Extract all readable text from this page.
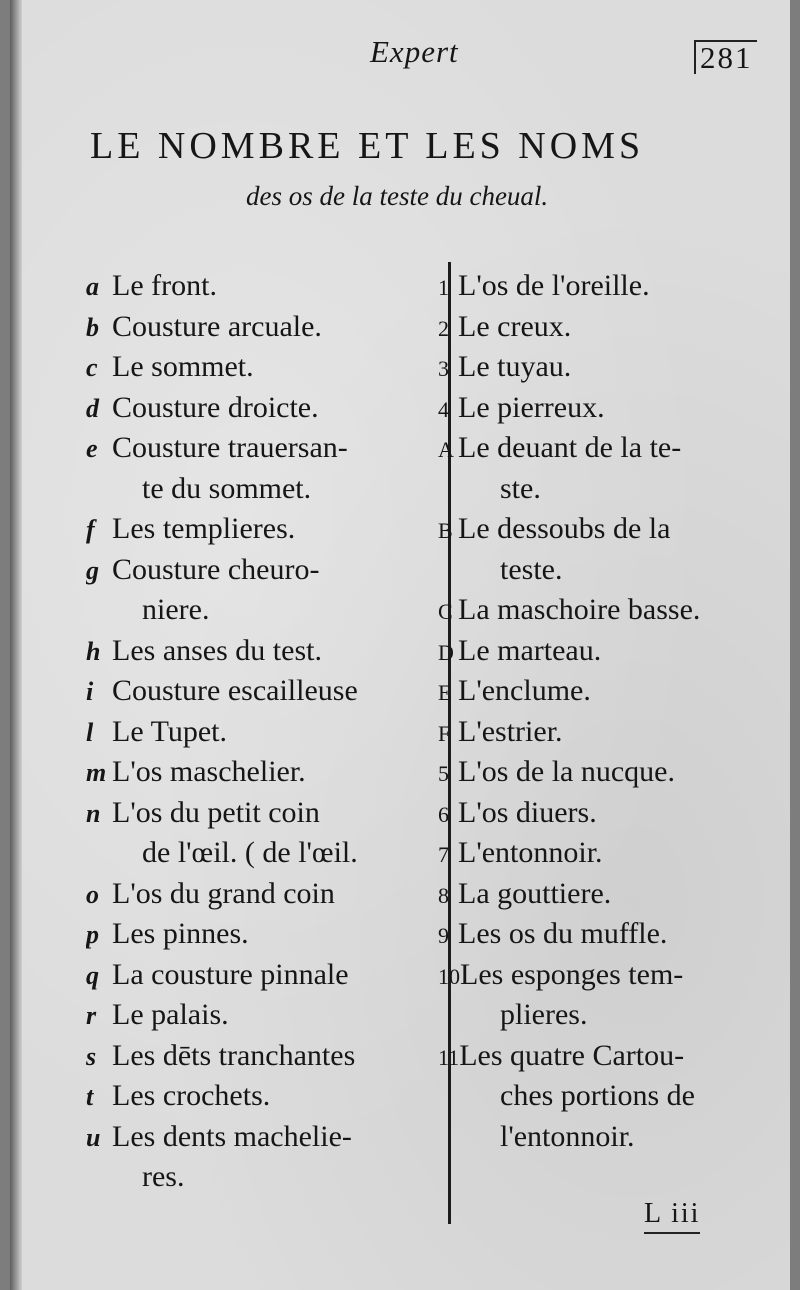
Expert	281
LE NOMBRE ET LES NOMS
des os de la teste du cheual.
a Le front.
b Cousture arcuale.
c Le sommet.
d Cousture droicte.
e Cousture trauersan-
te du sommet.
f Les templieres.
g Cousture cheuro-
niere.
h Les anses du test.
i Cousture escailleuse
l Le Tupet.
m L'os maschelier.
n L'os du petit coin
de l'œil. ( de l'œil.
o L'os du grand coin
p Les pinnes.
q La cousture pinnale
r Le palais.
s Les dēts tranchantes
t Les crochets.
u Les dents machelie-
res.
1 L'os de l'oreille.
2 Le creux.
3 Le tuyau.
4 Le pierreux.
A Le deuant de la te-
ste.
B Le dessoubs de la
teste.
C La maschoire basse.
D Le marteau.
E L'enclume.
F L'estrier.
5 L'os de la nucque.
6 L'os diuers.
7 L'entonnoir.
8 La gouttiere.
9 Les os du muffle.
10Les esponges tem-
plieres.
11Les quatre Cartou-
ches portions de
l'entonnoir.
L iii
